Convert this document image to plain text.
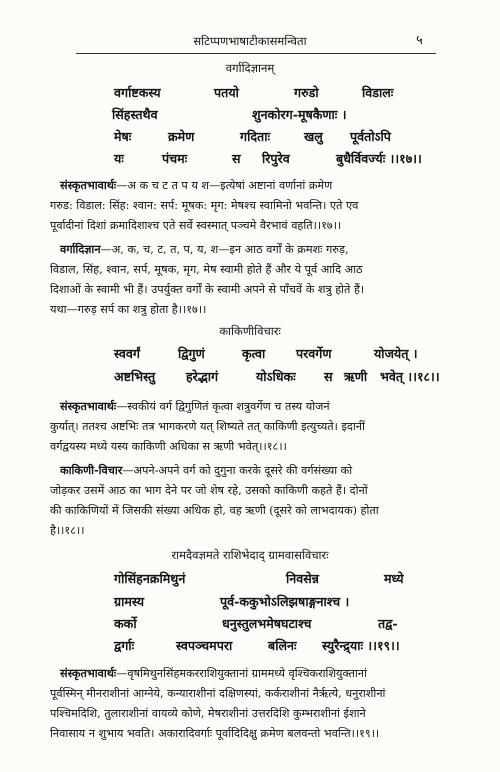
सटिप्पणभाषाटीकासमन्विता	५
वर्गादिज्ञानम्
वर्गाष्टकस्य	पतयो	गरुडो	विडालः
सिंहस्तथैव	शुनकोरग-मूषकैणाः ।
मेषः	क्रमेण	गदिताः	खलु पूर्वतोऽपि
यः	पंचमः	स रिपुरेव	बुधैर्विवर्ज्यः ।।१७।।
संस्कृतभावार्थः—अ क च ट त प य श—इत्येषां अष्टानां वर्णानां क्रमेण
गरुड: विडाल: सिंह: श्वान: सर्प: मूषक: मृग: मेषश्च स्वामिनो भवन्ति। एते एव
पूर्वादीनां दिशां क्रमादिशाश्च एते सर्वे स्वस्मात् पञ्चमे वैरभावं वहति।।१७।।
वर्गादिज्ञान—अ, क, च, ट, त, प, य, श—इन आठ वर्गों के क्रमशः गरुड़,
विडाल, सिंह, श्वान, सर्प, मूषक, मृग, मेष स्वामी होते हैं और ये पूर्व आदि आठ
दिशाओं के स्वामी भी हैं। उपर्युक्त वर्गों के स्वामी अपने से पाँचवें के शत्रु होते हैं।
यथा—गरुड़ सर्प का शत्रु होता है।।१७।।
काकिणीविचारः
स्ववर्गं	द्विगुणं	कृत्वा परवर्गेण	योजयेत् ।
अष्टभिस्तु हरेद्भागं	योऽधिकः स ऋणी भवेत् ।।१८।।
संस्कृतभावार्थः—स्वकीयं वर्ग द्विगुणितं कृत्वा शत्रुवर्गेण च तस्य योजनं
कुर्यात्। ततश्च अष्टभिः तत्र भागकरणे यत् शिष्यते तत् काकिणी इत्युच्यते। इदानीं
वर्गद्वयस्य मध्ये यस्य काकिणी अधिका स ऋणी भवेत्।।१८।।
काकिणी-विचार—अपने-अपने वर्ग को दुगुना करके दूसरे की वर्गसंख्या को
जोड़कर उसमें आठ का भाग देने पर जो शेष रहे, उसको काकिणी कहते हैं। दोनों
की काकिणियों में जिसकी संख्या अधिक हो, वह ऋणी (दूसरे को लाभदायक) होता
है।।१८।।
रामदैवज्ञमते राशिभेदाद् ग्रामवासविचारः
गोसिंहनक्रमिथुनं	निवसेन्न	मध्ये
ग्रामस्य	पूर्व-ककुभोऽलिझषाङ्गनाश्च ।
कर्को	धनुस्तुलभमेषघटाश्च	तद्व-
द्वर्गाः	स्वपञ्चमपरा	बलिनः स्युरैन्द्र्याः ।।१९।।
संस्कृतभावार्थः—वृषमिथुनसिंहमकरराशियुक्तानां ग्राममध्ये वृश्चिकराशियुक्तानां
पूर्वस्मिन् मीनराशीनां आग्नेये, कन्याराशीनां दक्षिणस्यां, कर्कराशीनां नैर्ऋत्ये, धनुराशीनां
पश्चिमदिशि, तुलाराशीनां वायव्ये कोणे, मेषराशीनां उत्तरदिशि कुम्भराशीनां ईशाने
निवासाय न शुभाय भवति। अकारादिवर्गाः पूर्वादिदिक्षु क्रमेण बलवन्तो भवन्ति।।१९।।
